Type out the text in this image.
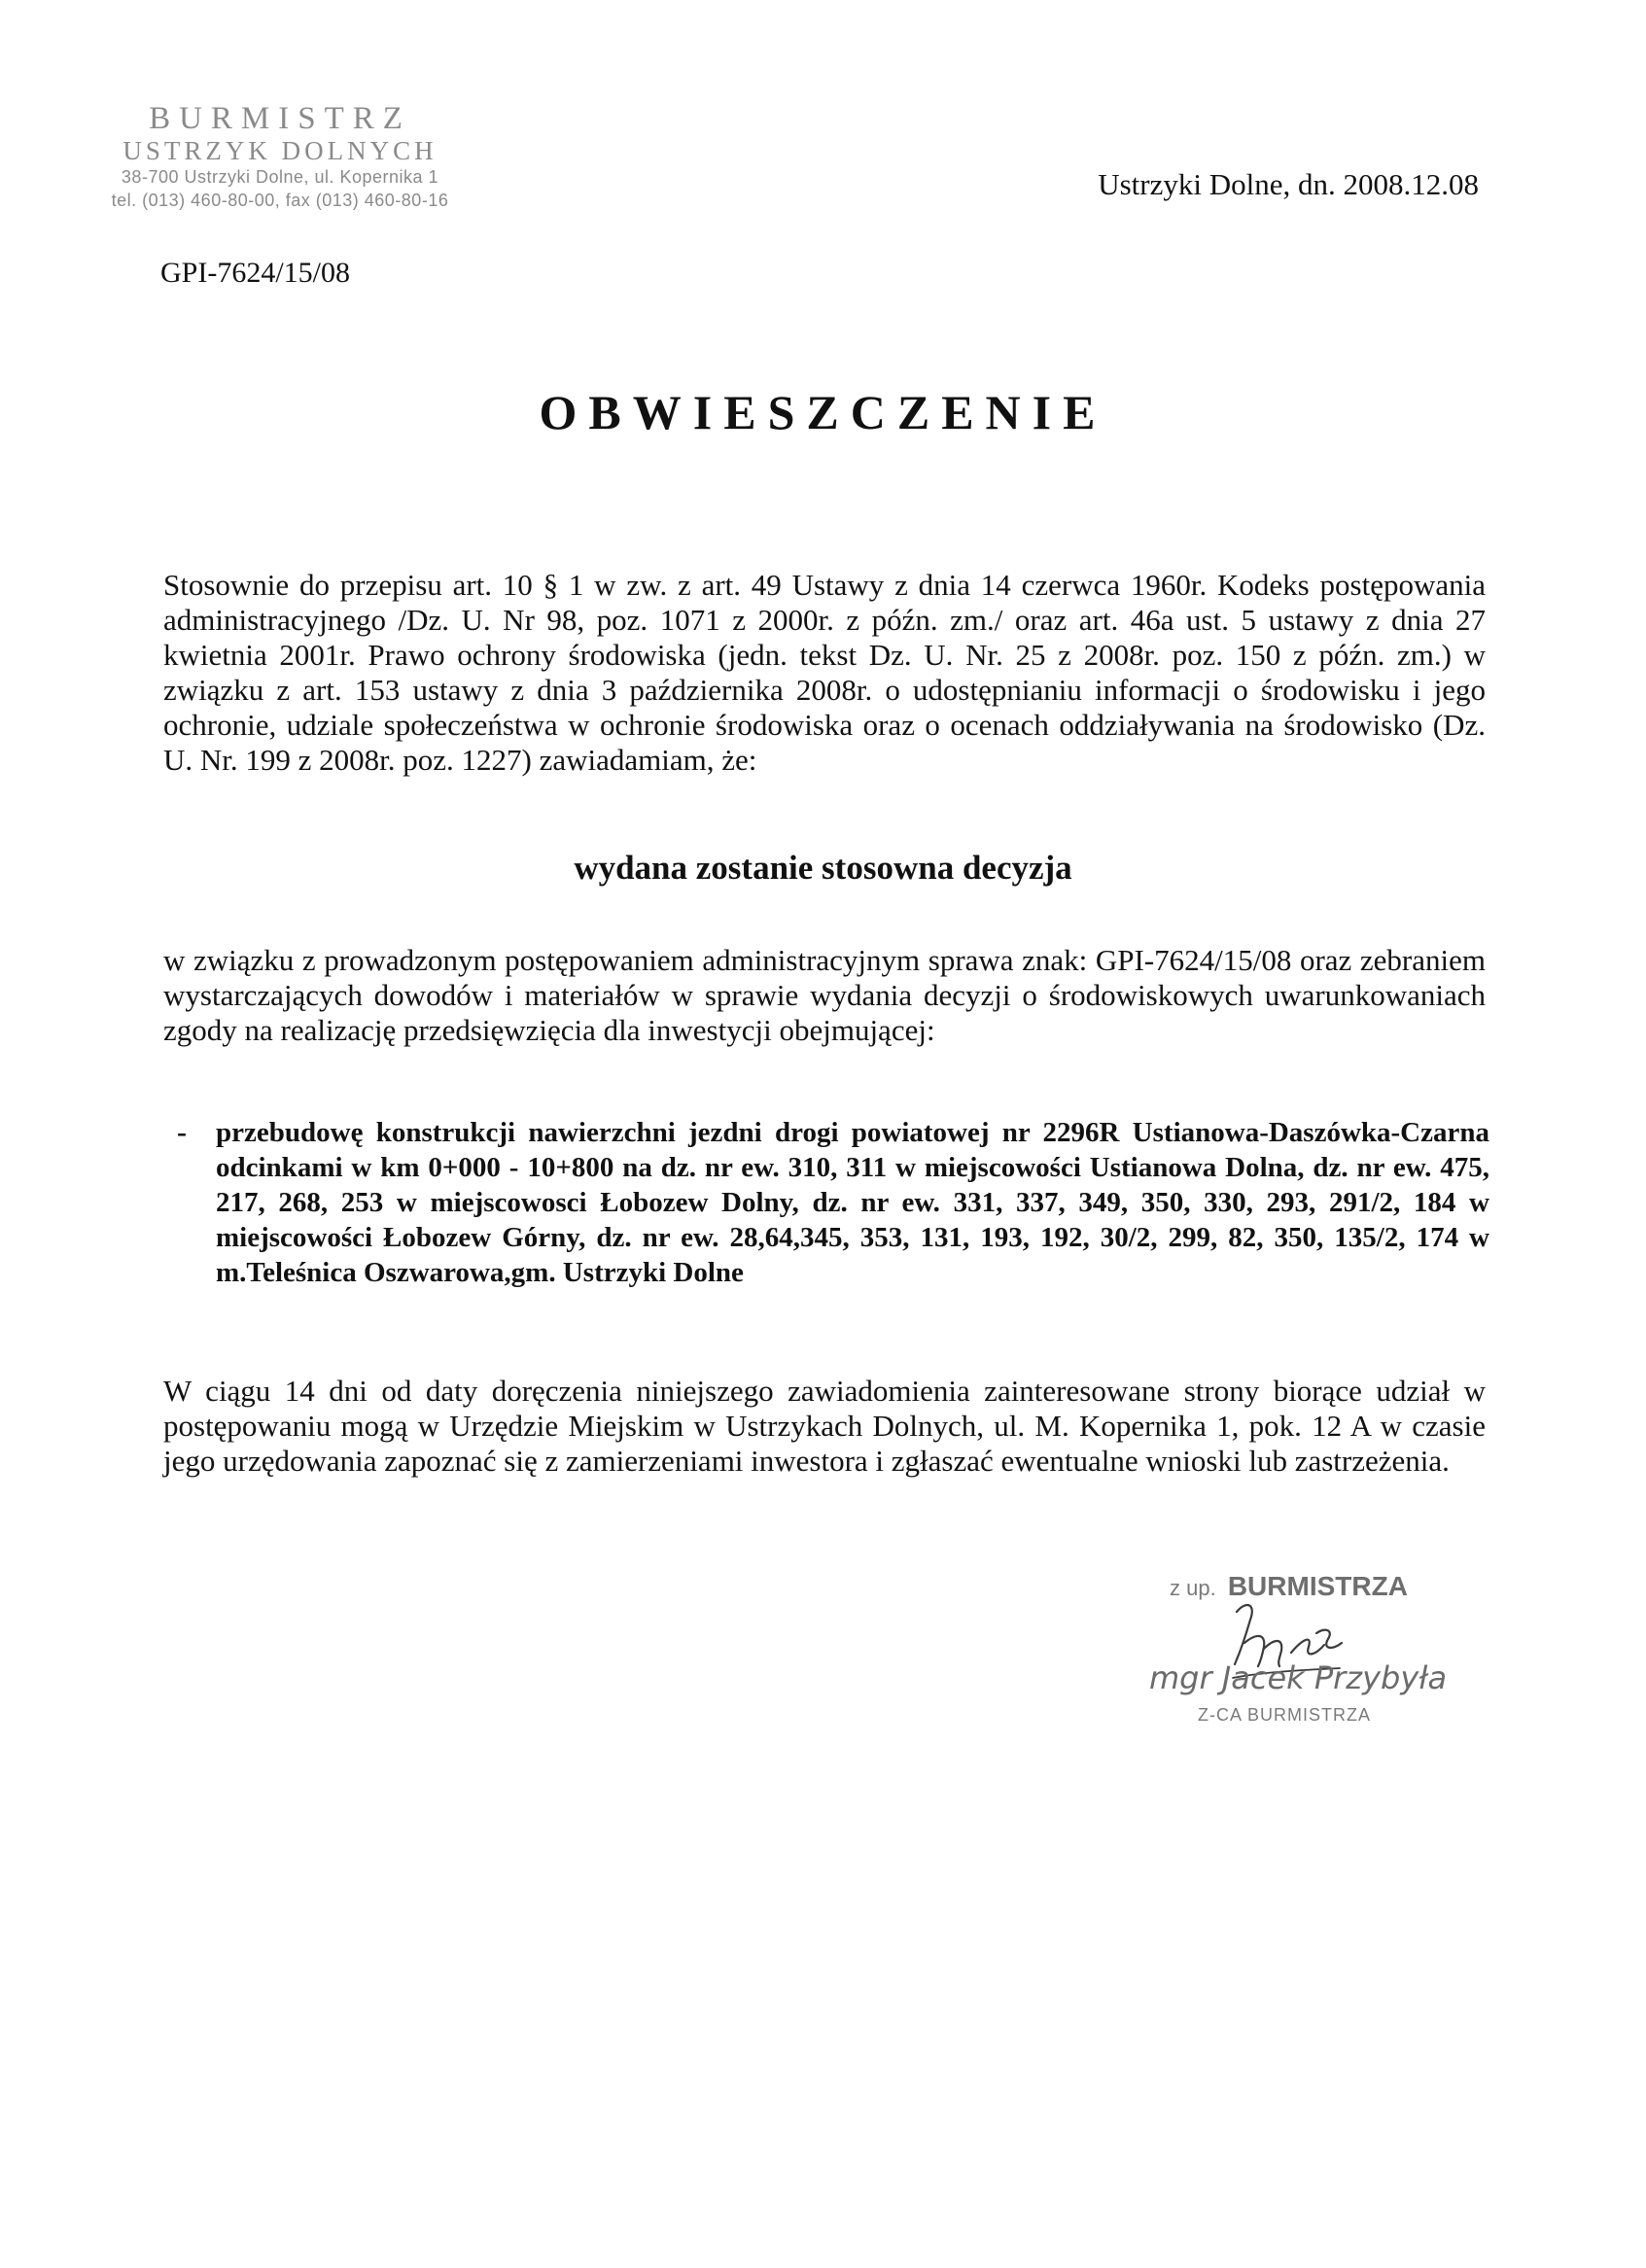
BURMISTRZ
USTRZYK DOLNYCH
38-700 Ustrzyki Dolne, ul. Kopernika 1
tel. (013) 460-80-00, fax (013) 460-80-16	Ustrzyki Dolne, dn. 2008.12.08
GPI-7624/15/08
OBWIESZCZENIE
Stosownie do przepisu art. 10 § 1 w zw. z art. 49 Ustawy z dnia 14 czerwca 1960r. Kodeks postępowania administracyjnego /Dz. U. Nr 98, poz. 1071 z 2000r. z późn. zm./ oraz art. 46a ust. 5 ustawy z dnia 27 kwietnia 2001r. Prawo ochrony środowiska (jedn. tekst Dz. U. Nr. 25 z 2008r. poz. 150 z późn. zm.) w związku z art. 153 ustawy z dnia 3 października 2008r. o udostępnianiu informacji o środowisku i jego ochronie, udziale społeczeństwa w ochronie środowiska oraz o ocenach oddziaływania na środowisko (Dz. U. Nr. 199 z 2008r. poz. 1227) zawiadamiam, że:
wydana zostanie stosowna decyzja
w związku z prowadzonym postępowaniem administracyjnym sprawa znak: GPI-7624/15/08 oraz zebraniem wystarczających dowodów i materiałów w sprawie wydania decyzji o środowiskowych uwarunkowaniach zgody na realizację przedsięwzięcia dla inwestycji obejmującej:
- przebudowę konstrukcji nawierzchni jezdni drogi powiatowej nr 2296R Ustianowa-Daszówka-Czarna odcinkami w km 0+000 - 10+800 na dz. nr ew. 310, 311 w miejscowości Ustianowa Dolna, dz. nr ew. 475, 217, 268, 253 w miejscowosci Łobozew Dolny, dz. nr ew. 331, 337, 349, 350, 330, 293, 291/2, 184 w miejscowości Łobozew Górny, dz. nr ew. 28,64,345, 353, 131, 193, 192, 30/2, 299, 82, 350, 135/2, 174 w m.Teleśnica Oszwarowa,gm. Ustrzyki Dolne
W ciągu 14 dni od daty doręczenia niniejszego zawiadomienia zainteresowane strony biorące udział w postępowaniu mogą w Urzędzie Miejskim w Ustrzykach Dolnych, ul. M. Kopernika 1, pok. 12 A w czasie jego urzędowania zapoznać się z zamierzeniami inwestora i zgłaszać ewentualne wnioski lub zastrzeżenia.
z up. BURMISTRZA
mgr Jacek Przybyła
Z-CA BURMISTRZA
